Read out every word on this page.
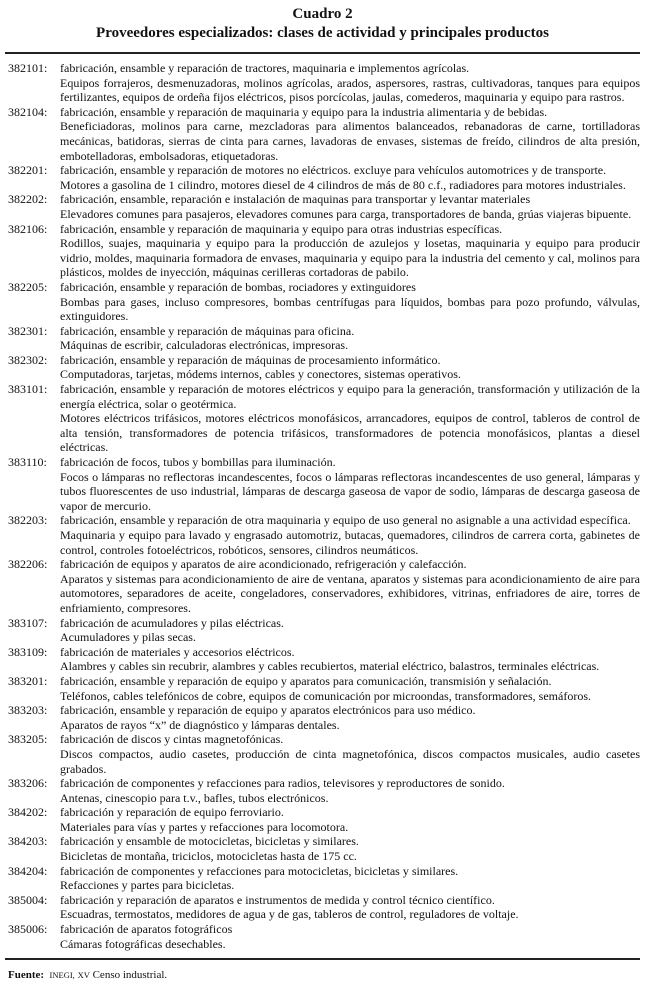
Cuadro 2
Proveedores especializados: clases de actividad y principales productos
382101:	fabricación, ensamble y reparación de tractores, maquinaria e implementos agrícolas.
Equipos forrajeros, desmenuzadoras, molinos agrícolas, arados, aspersores, rastras, cultivadoras, tanques para equipos fertilizantes, equipos de ordeña fijos eléctricos, pisos porcícolas, jaulas, comederos, maquinaria y equipo para rastros.
382104:	fabricación, ensamble y reparación de maquinaria y equipo para la industria alimentaria y de bebidas.
Beneficiadoras, molinos para carne, mezcladoras para alimentos balanceados, rebanadoras de carne, tortilladoras mecánicas, batidoras, sierras de cinta para carnes, lavadoras de envases, sistemas de freído, cilindros de alta presión, embotelladoras, embolsadoras, etiquetadoras.
382201:	fabricación, ensamble y reparación de motores no eléctricos. excluye para vehículos automotrices y de transporte.
Motores a gasolina de 1 cilindro, motores diesel de 4 cilindros de más de 80 c.f., radiadores para motores industriales.
382202:	fabricación, ensamble, reparación e instalación de maquinas para transportar y levantar materiales
Elevadores comunes para pasajeros, elevadores comunes para carga, transportadores de banda, grúas viajeras bipuente.
382106:	fabricación, ensamble y reparación de maquinaria y equipo para otras industrias específicas.
Rodillos, suajes, maquinaria y equipo para la producción de azulejos y losetas, maquinaria y equipo para producir vidrio, moldes, maquinaria formadora de envases, maquinaria y equipo para la industria del cemento y cal, molinos para plásticos, moldes de inyección, máquinas cerilleras cortadoras de pabilo.
382205:	fabricación, ensamble y reparación de bombas, rociadores y extinguidores
Bombas para gases, incluso compresores, bombas centrífugas para líquidos, bombas para pozo profundo, válvulas, extinguidores.
382301:	fabricación, ensamble y reparación de máquinas para oficina.
Máquinas de escribir, calculadoras electrónicas, impresoras.
382302:	fabricación, ensamble y reparación de máquinas de procesamiento informático.
Computadoras, tarjetas, módems internos, cables y conectores, sistemas operativos.
383101:	fabricación, ensamble y reparación de motores eléctricos y equipo para la generación, transformación y utilización de la energía eléctrica, solar o geotérmica.
Motores eléctricos trifásicos, motores eléctricos monofásicos, arrancadores, equipos de control, tableros de control de alta tensión, transformadores de potencia trifásicos, transformadores de potencia monofásicos, plantas a diesel eléctricas.
383110:	fabricación de focos, tubos y bombillas para iluminación.
Focos o lámparas no reflectoras incandescentes, focos o lámparas reflectoras incandescentes de uso general, lámparas y tubos fluorescentes de uso industrial, lámparas de descarga gaseosa de vapor de sodio, lámparas de descarga gaseosa de vapor de mercurio.
382203:	fabricación, ensamble y reparación de otra maquinaria y equipo de uso general no asignable a una actividad específica.
Maquinaria y equipo para lavado y engrasado automotriz, butacas, quemadores, cilindros de carrera corta, gabinetes de control, controles fotoeléctricos, robóticos, sensores, cilindros neumáticos.
382206:	fabricación de equipos y aparatos de aire acondicionado, refrigeración y calefacción.
Aparatos y sistemas para acondicionamiento de aire de ventana, aparatos y sistemas para acondicionamiento de aire para automotores, separadores de aceite, congeladores, conservadores, exhibidores, vitrinas, enfriadores de aire, torres de enfriamiento, compresores.
383107:	fabricación de acumuladores y pilas eléctricas.
Acumuladores y pilas secas.
383109:	fabricación de materiales y accesorios eléctricos.
Alambres y cables sin recubrir, alambres y cables recubiertos, material eléctrico, balastros, terminales eléctricas.
383201:	fabricación, ensamble y reparación de equipo y aparatos para comunicación, transmisión y señalación.
Teléfonos, cables telefónicos de cobre, equipos de comunicación por microondas, transformadores, semáforos.
383203:	fabricación, ensamble y reparación de equipo y aparatos electrónicos para uso médico.
Aparatos de rayos “x” de diagnóstico y lámparas dentales.
383205:	fabricación de discos y cintas magnetofónicas.
Discos compactos, audio casetes, producción de cinta magnetofónica, discos compactos musicales, audio casetes grabados.
383206:	fabricación de componentes y refacciones para radios, televisores y reproductores de sonido.
Antenas, cinescopio para t.v., bafles, tubos electrónicos.
384202:	fabricación y reparación de equipo ferroviario.
Materiales para vías y partes y refacciones para locomotora.
384203:	fabricación y ensamble de motocicletas, bicicletas y similares.
Bicicletas de montaña, triciclos, motocicletas hasta de 175 cc.
384204:	fabricación de componentes y refacciones para motocicletas, bicicletas y similares.
Refacciones y partes para bicicletas.
385004:	fabricación y reparación de aparatos e instrumentos de medida y control técnico científico.
Escuadras, termostatos, medidores de agua y de gas, tableros de control, reguladores de voltaje.
385006:	fabricación de aparatos fotográficos
Cámaras fotográficas desechables.
Fuente: INEGI, XV Censo industrial.
